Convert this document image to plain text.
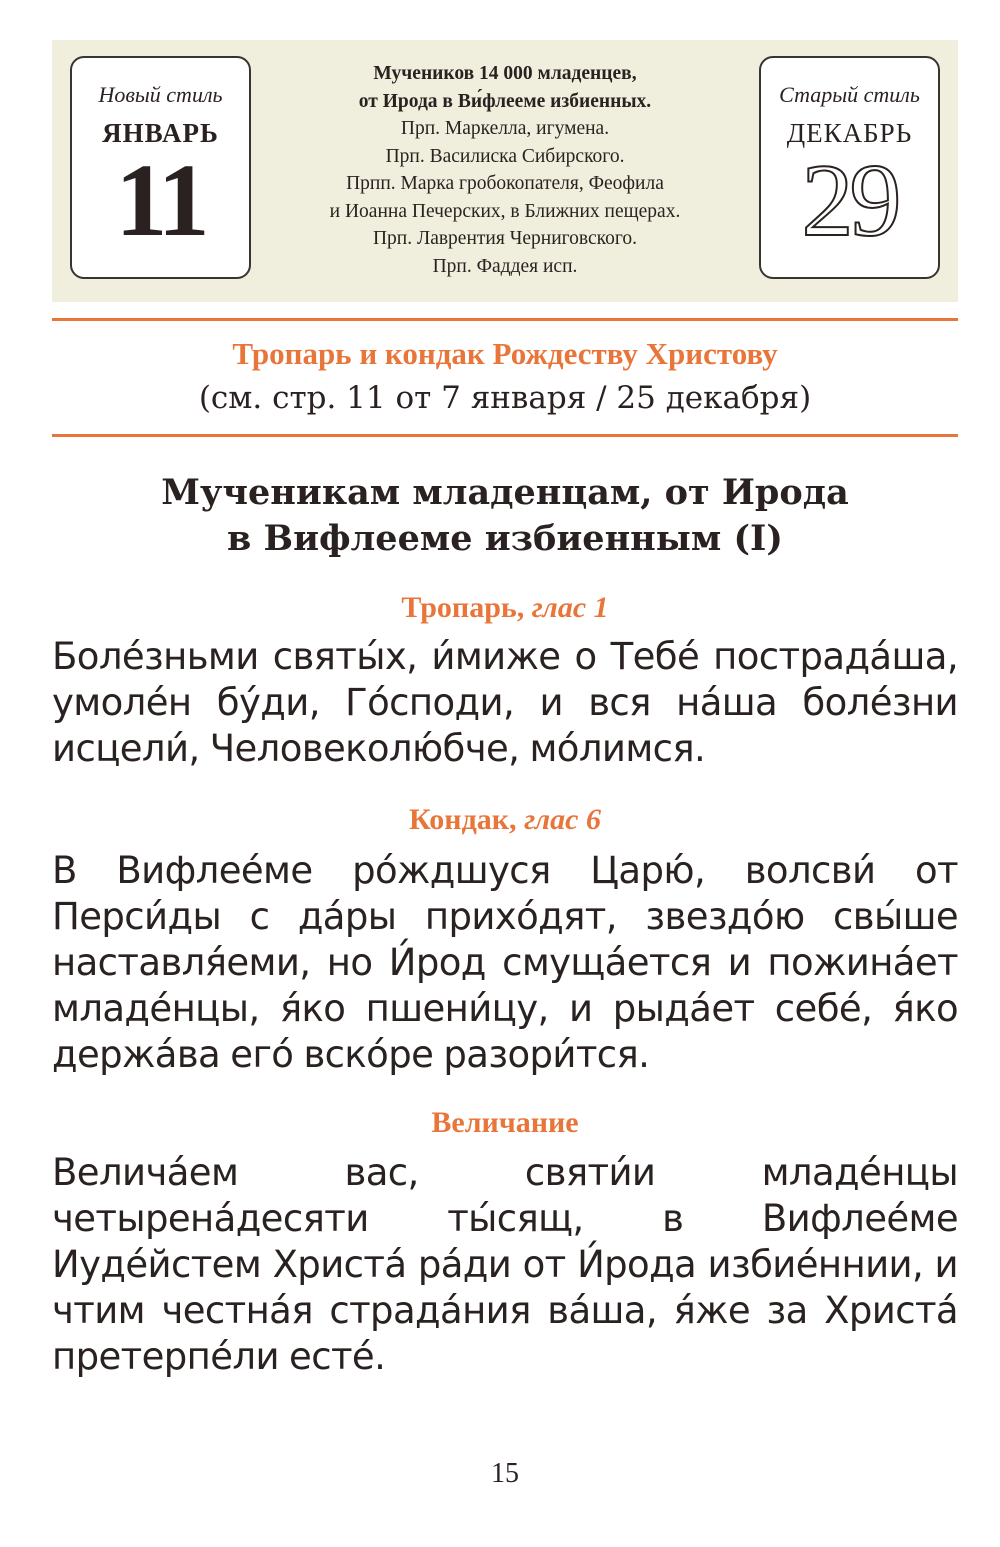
Новый стиль
ЯНВАРЬ
11
Мучеников 14 000 младенцев,
от Ирода в Ви́флееме избиенных.
Прп. Маркелла, игумена.
Прп. Василиска Сибирского.
Прпп. Марка гробокопателя, Феофила
и Иоанна Печерских, в Ближних пещерах.
Прп. Лаврентия Черниговского.
Прп. Фаддея исп.
Старый стиль
ДЕКАБРЬ
29
Тропарь и кондак Рождеству Христову
(см. стр. 11 от 7 января / 25 декабря)
Мученикам младенцам, от Ирода
в Вифлееме избиенным (I)
Тропарь, глас 1
Боле́зньми святы́х, и́миже о Тебе́ пострада́ша, умоле́н бу́ди, Го́споди, и вся на́ша боле́зни исцели́, Человеколю́бче, мо́лимся.
Кондак, глас 6
В Вифлее́ме ро́ждшуся Царю́, волсви́ от Перси́ды с да́ры прихо́дят, звездо́ю свы́ше наставля́еми, но И́род смуща́ется и пожина́ет младе́нцы, я́ко пшени́цу, и рыда́ет себе́, я́ко держа́ва его́ вско́ре разори́тся.
Величание
Велича́ем вас, святи́и младе́нцы четырена́десяти ты́сящ, в Вифлее́ме Иуде́йстем Христа́ ра́ди от И́рода избие́ннии, и чтим честна́я страда́ния ва́ша, я́же за Христа́ претерпе́ли есте́.
15
